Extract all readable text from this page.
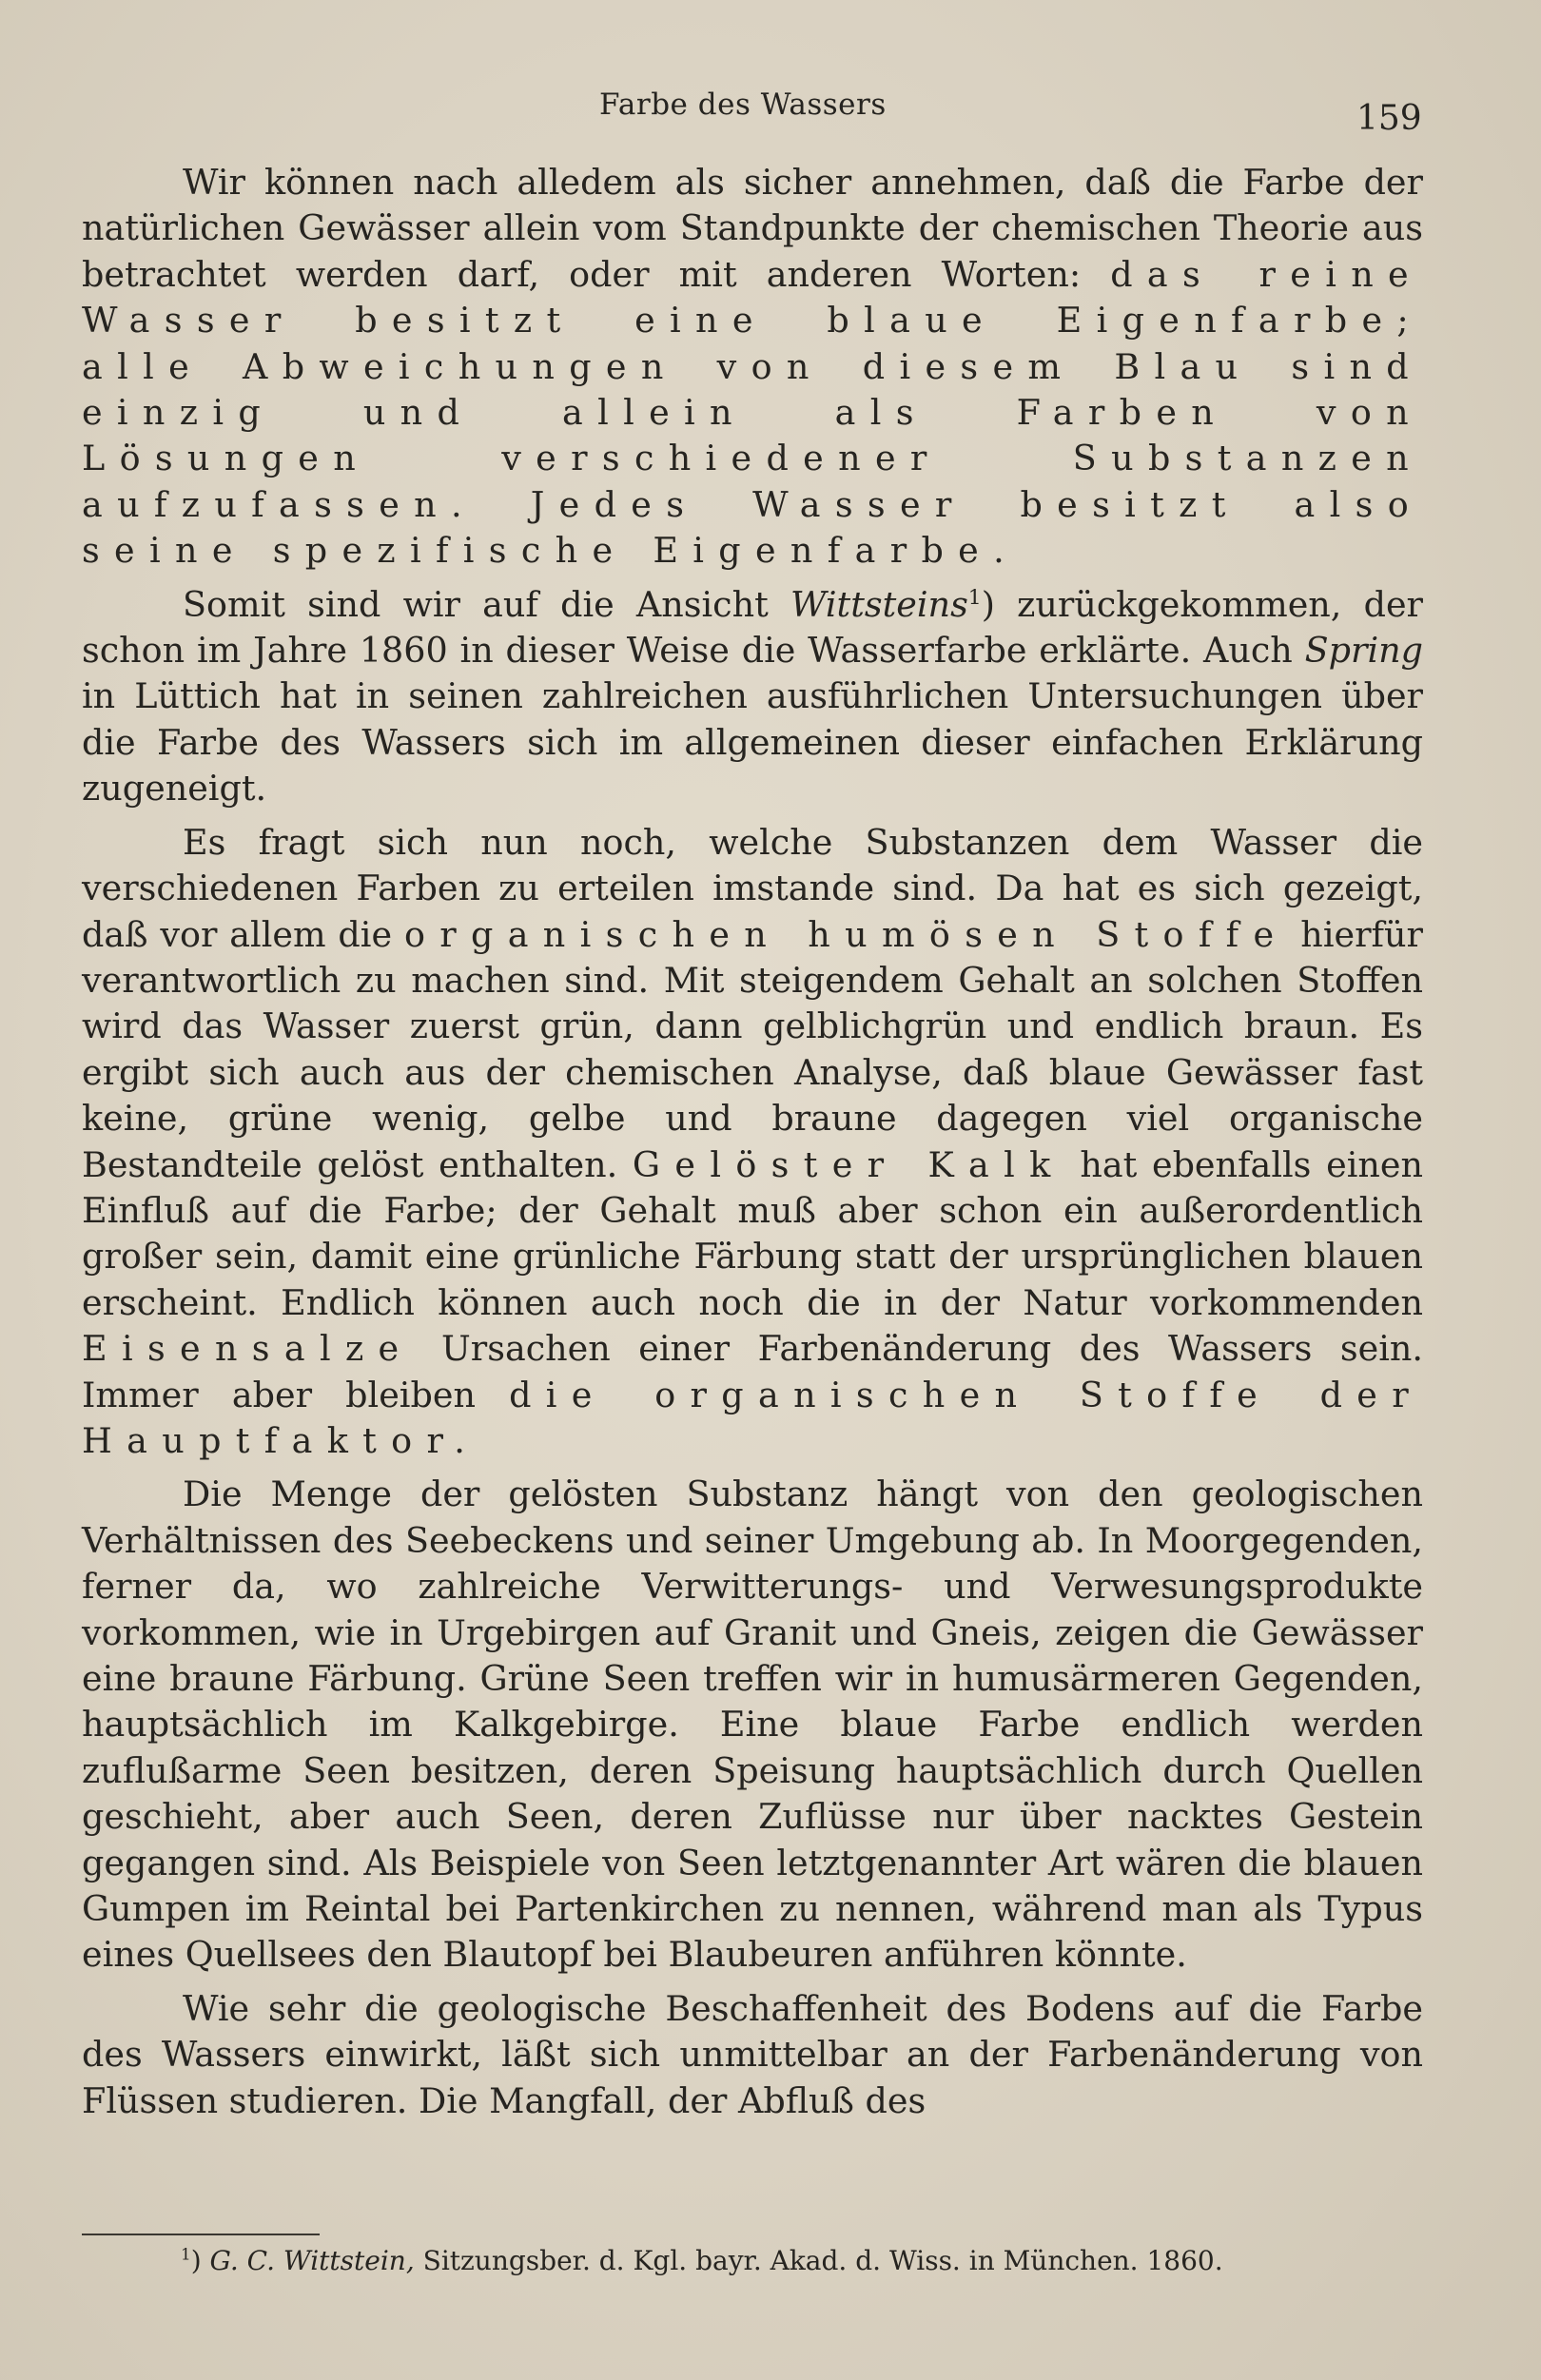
Farbe des Wassers	159

Wir können nach alledem als sicher annehmen, daß die Farbe der natürlichen Gewässer allein vom Standpunkte der chemischen Theorie aus betrachtet werden darf, oder mit anderen Worten: das reine Wasser besitzt eine blaue Eigenfarbe; alle Abweichungen von diesem Blau sind einzig und allein als Farben von Lösungen verschiedener Substanzen aufzufassen. Jedes Wasser besitzt also seine spezifische Eigenfarbe.

Somit sind wir auf die Ansicht Wittsteins$^1$) zurückgekommen, der schon im Jahre 1860 in dieser Weise die Wasserfarbe erklärte. Auch Spring in Lüttich hat in seinen zahlreichen ausführlichen Untersuchungen über die Farbe des Wassers sich im allgemeinen dieser einfachen Erklärung zugeneigt.

Es fragt sich nun noch, welche Substanzen dem Wasser die verschiedenen Farben zu erteilen imstande sind. Da hat es sich gezeigt, daß vor allem die organischen humösen Stoffe hierfür verantwortlich zu machen sind. Mit steigendem Gehalt an solchen Stoffen wird das Wasser zuerst grün, dann gelblichgrün und endlich braun. Es ergibt sich auch aus der chemischen Analyse, daß blaue Gewässer fast keine, grüne wenig, gelbe und braune dagegen viel organische Bestandteile gelöst enthalten. Gelöster Kalk hat ebenfalls einen Einfluß auf die Farbe; der Gehalt muß aber schon ein außerordentlich großer sein, damit eine grünliche Färbung statt der ursprünglichen blauen erscheint. Endlich können auch noch die in der Natur vorkommenden Eisensalze Ursachen einer Farbenänderung des Wassers sein. Immer aber bleiben die organischen Stoffe der Hauptfaktor.

Die Menge der gelösten Substanz hängt von den geologischen Verhältnissen des Seebeckens und seiner Umgebung ab. In Moorgegenden, ferner da, wo zahlreiche Verwitterungs- und Verwesungsprodukte vorkommen, wie in Urgebirgen auf Granit und Gneis, zeigen die Gewässer eine braune Färbung. Grüne Seen treffen wir in humusärmeren Gegenden, hauptsächlich im Kalkgebirge. Eine blaue Farbe endlich werden zuflußarme Seen besitzen, deren Speisung hauptsächlich durch Quellen geschieht, aber auch Seen, deren Zuflüsse nur über nacktes Gestein gegangen sind. Als Beispiele von Seen letztgenannter Art wären die blauen Gumpen im Reintal bei Partenkirchen zu nennen, während man als Typus eines Quellsees den Blautopf bei Blaubeuren anführen könnte.

Wie sehr die geologische Beschaffenheit des Bodens auf die Farbe des Wassers einwirkt, läßt sich unmittelbar an der Farbenänderung von Flüssen studieren. Die Mangfall, der Abfluß des

$^1$) G. C. Wittstein, Sitzungsber. d. Kgl. bayr. Akad. d. Wiss. in München. 1860.
